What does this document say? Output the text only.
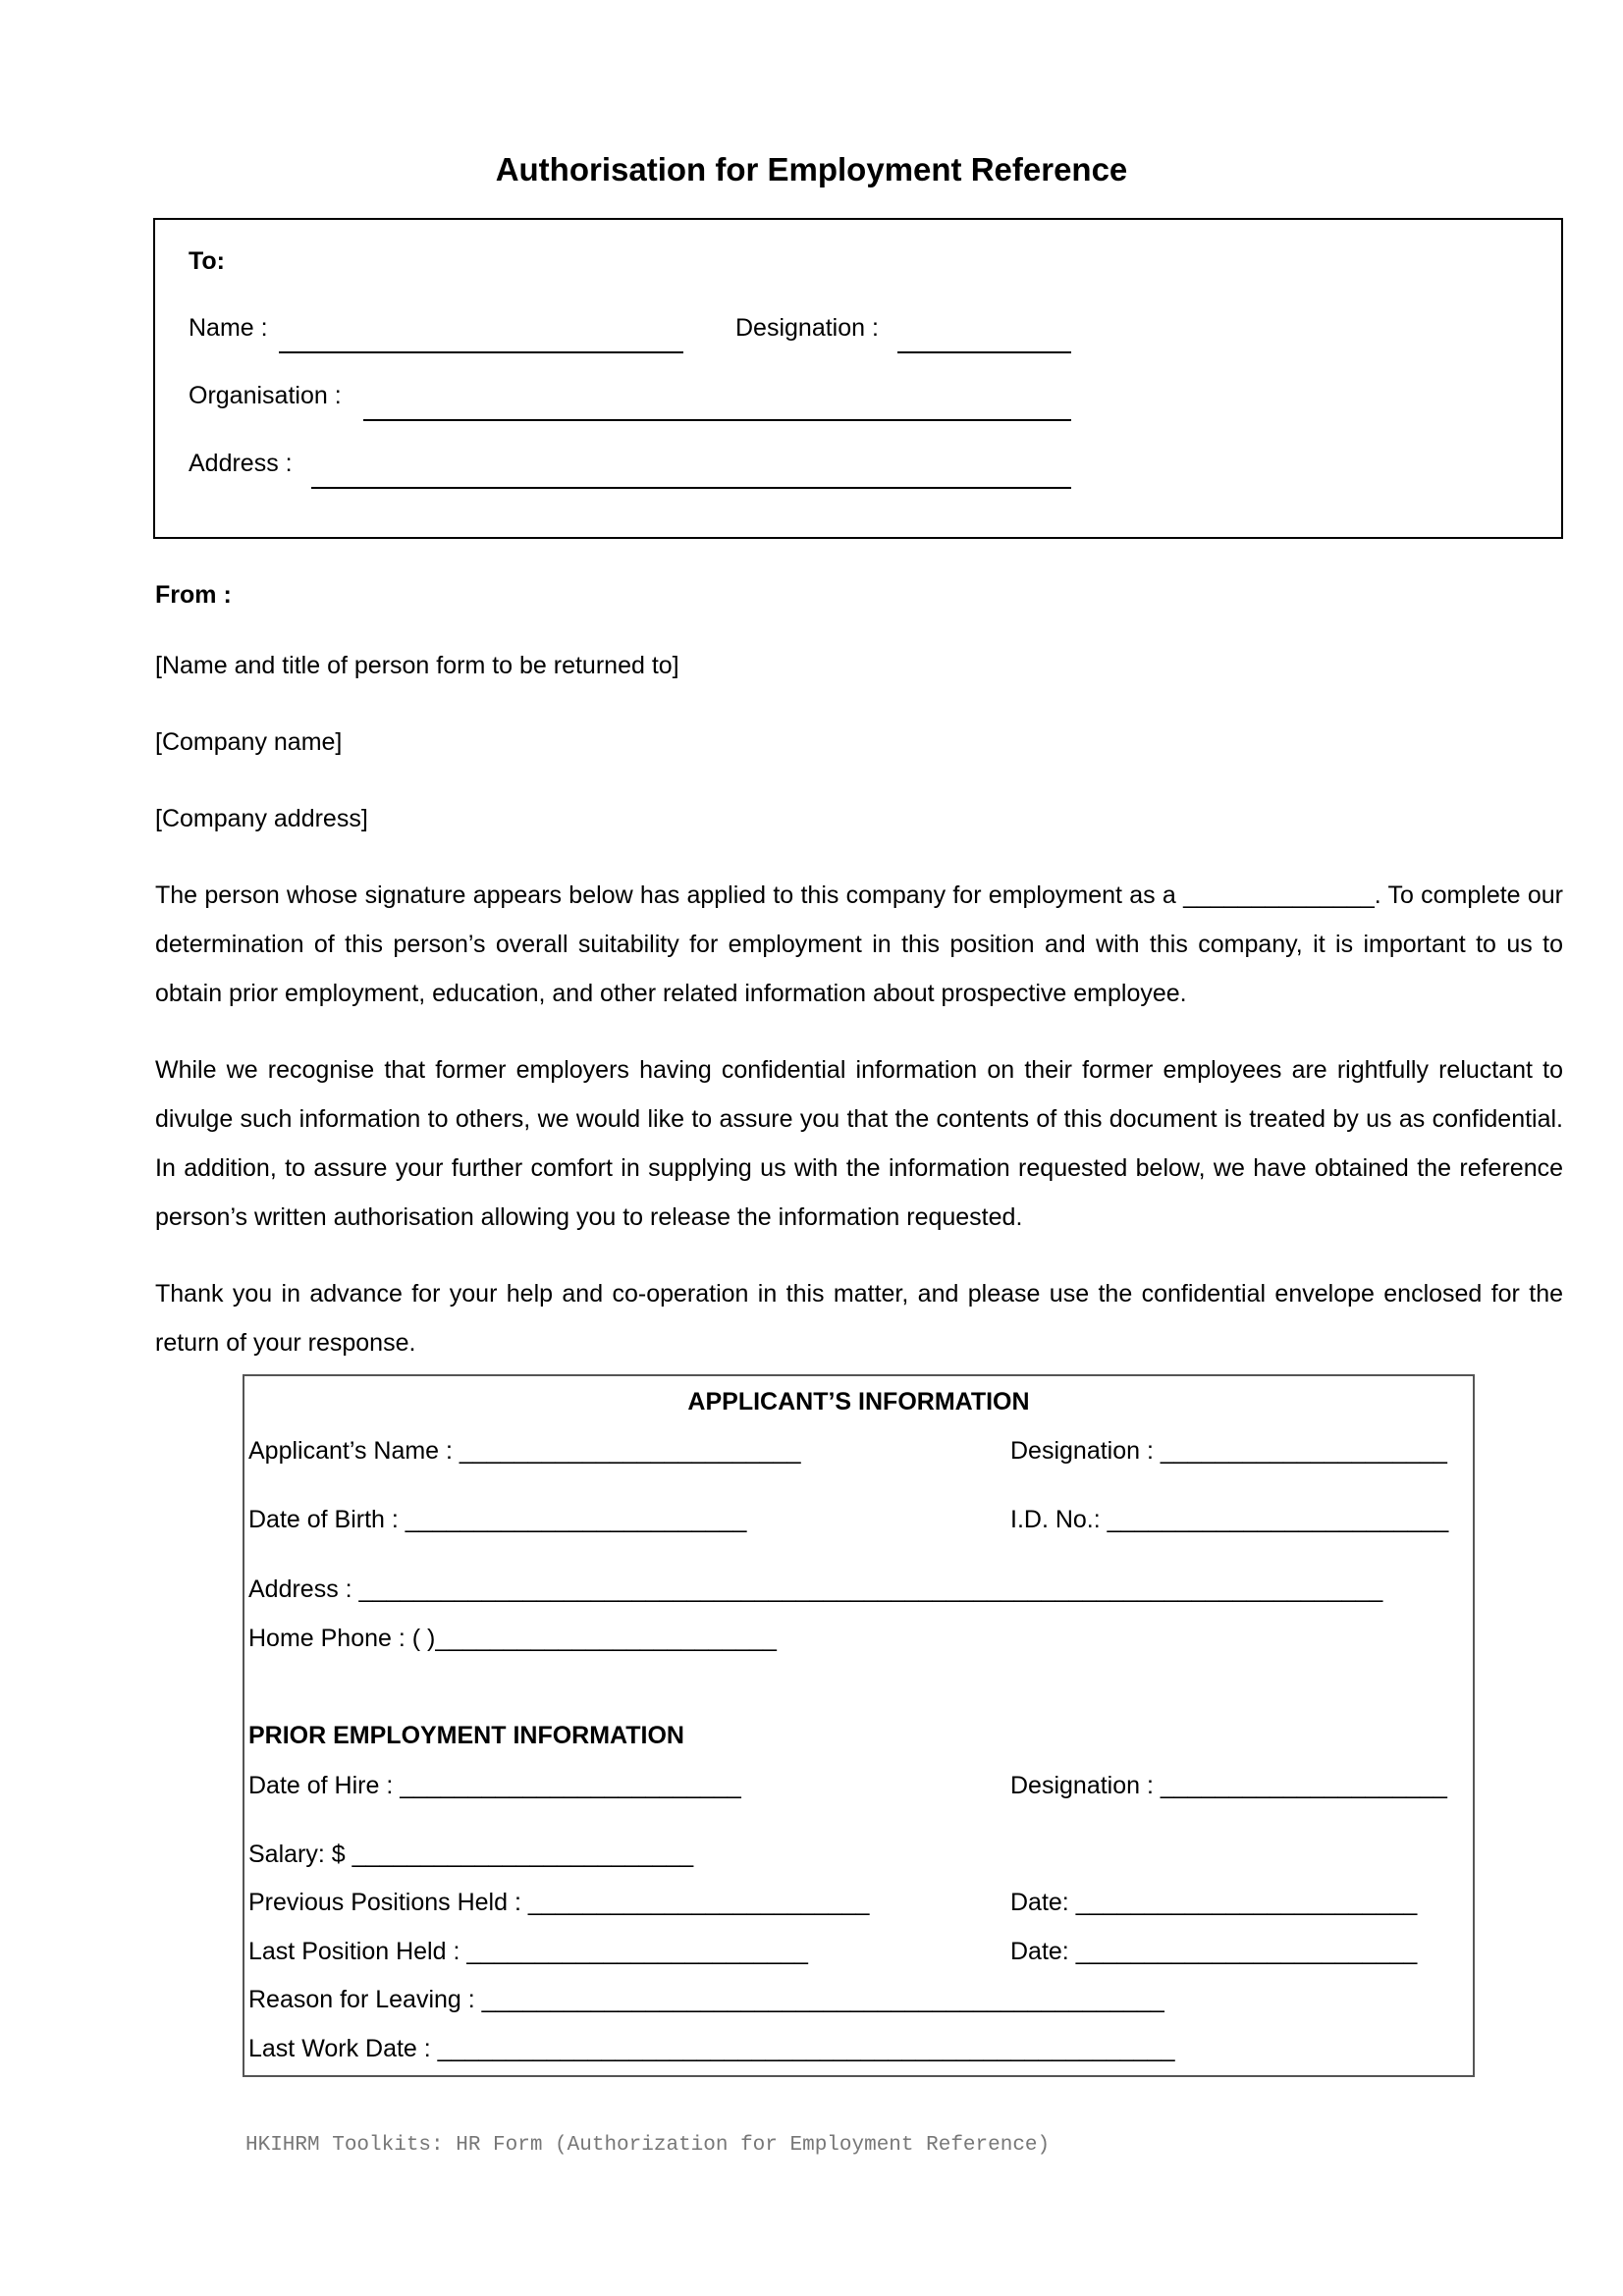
Authorisation for Employment Reference
To:
Name :	Designation :
Organisation :
Address :
From :
[Name and title of person form to be returned to]
[Company name]
[Company address]
The person whose signature appears below has applied to this company for employment as a ______________. To complete our determination of this person’s overall suitability for employment in this position and with this company, it is important to us to obtain prior employment, education, and other related information about prospective employee.
While we recognise that former employers having confidential information on their former employees are rightfully reluctant to divulge such information to others, we would like to assure you that the contents of this document is treated by us as confidential. In addition, to assure your further comfort in supplying us with the information requested below, we have obtained the reference person’s written authorisation allowing you to release the information requested.
Thank you in advance for your help and co-operation in this matter, and please use the confidential envelope enclosed for the return of your response.
APPLICANT’S INFORMATION
Applicant’s Name : _________________________	Designation : _____________________
Date of Birth : _________________________	I.D. No.: _________________________
Address : ___________________________________________________________________________
Home Phone : ( )_________________________
PRIOR EMPLOYMENT INFORMATION
Date of Hire : _________________________	Designation : _____________________
Salary: $ _________________________
Previous Positions Held : _________________________	Date: _________________________
Last Position Held : _________________________	Date: _________________________
Reason for Leaving : __________________________________________________
Last Work Date : ______________________________________________________
HKIHRM Toolkits: HR Form (Authorization for Employment Reference)
